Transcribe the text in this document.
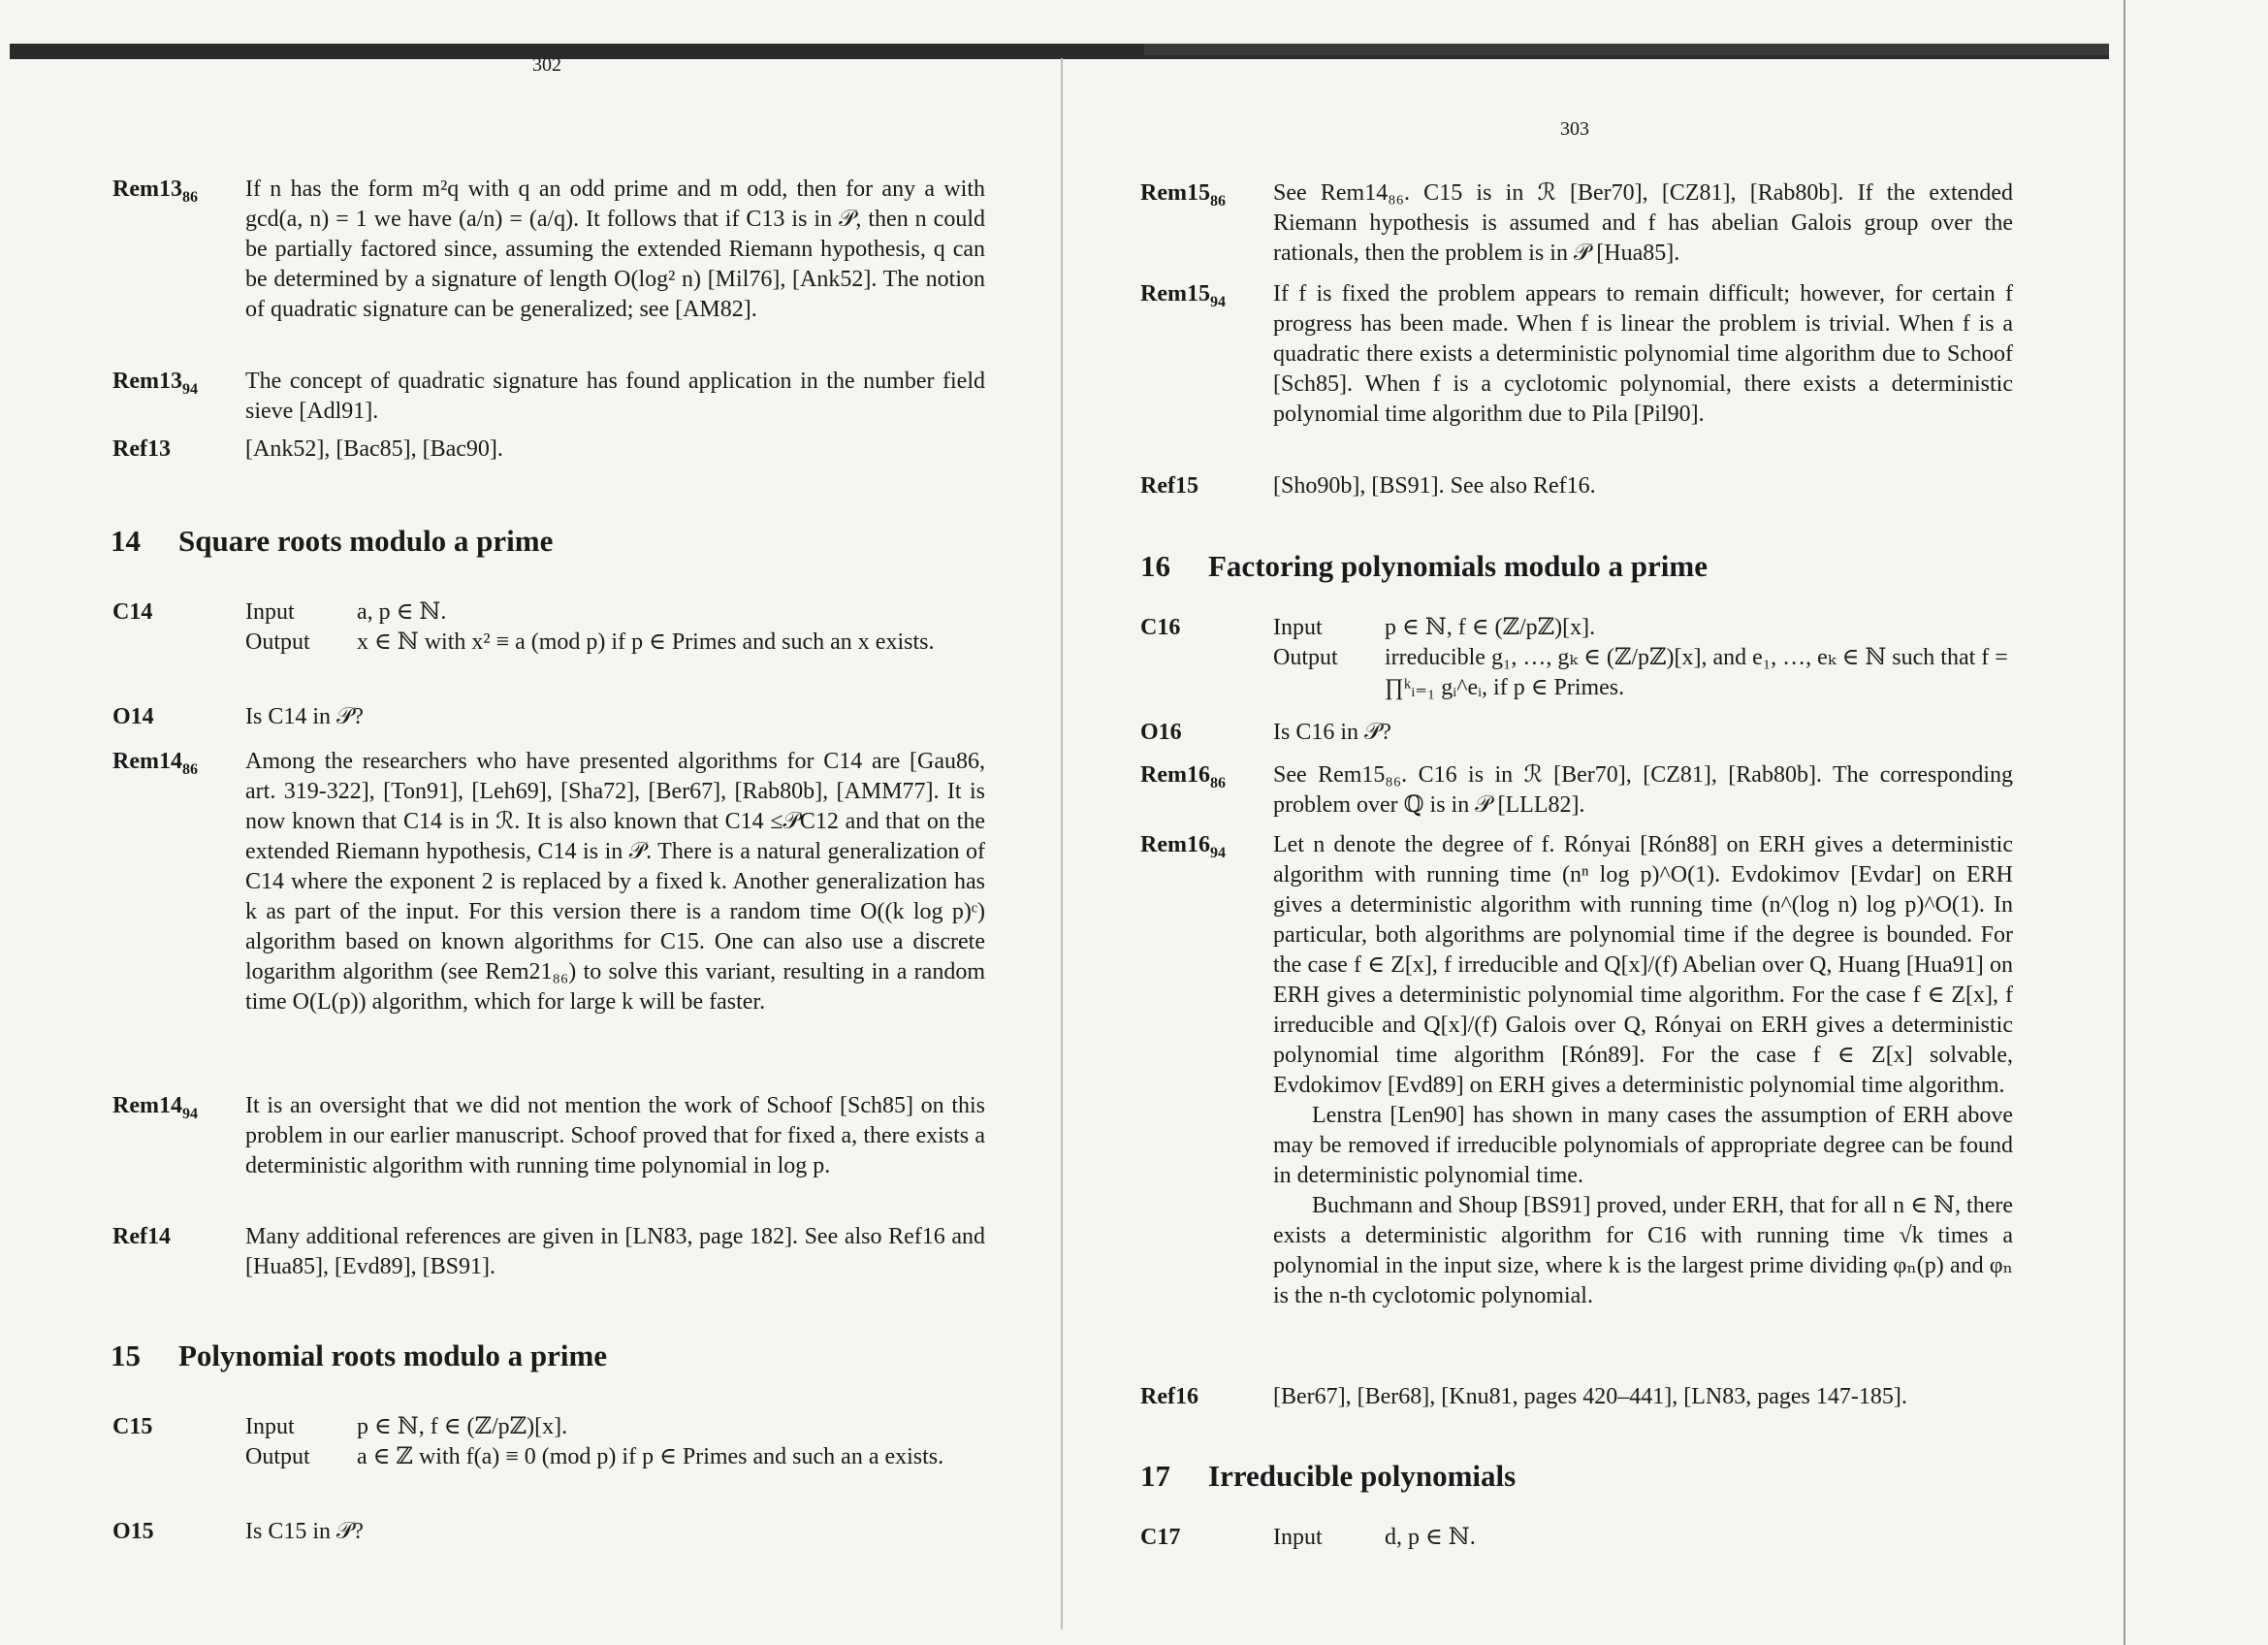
302
$Rem13_{86}$	If n has the form m²q with q an odd prime and m odd, then for any a with gcd(a, n) = 1 we have (a/n) = (a/q). It follows that if C13 is in 𝒫, then n could be partially factored since, assuming the extended Riemann hypothesis, q can be determined by a signature of length O(log² n) [Mil76], [Ank52]. The notion of quadratic signature can be generalized; see [AM82].
$Rem13_{94}$	The concept of quadratic signature has found application in the number field sieve [Adl91].
Ref13	[Ank52], [Bac85], [Bac90].
14	Square roots modulo a prime
C14	Input	a, p ∈ ℕ.
Output	x ∈ ℕ with x² ≡ a (mod p) if p ∈ Primes and such an x exists.
O14	Is C14 in 𝒫?
$Rem14_{86}$	Among the researchers who have presented algorithms for C14 are [Gau86, art. 319-322], [Ton91], [Leh69], [Sha72], [Ber67], [Rab80b], [AMM77]. It is now known that C14 is in ℛ. It is also known that C14 ≤𝒫C12 and that on the extended Riemann hypothesis, C14 is in 𝒫. There is a natural generalization of C14 where the exponent 2 is replaced by a fixed k. Another generalization has k as part of the input. For this version there is a random time O((k log p)ᶜ) algorithm based on known algorithms for C15. One can also use a discrete logarithm algorithm (see Rem21₈₆) to solve this variant, resulting in a random time O(L(p)) algorithm, which for large k will be faster.
$Rem14_{94}$	It is an oversight that we did not mention the work of Schoof [Sch85] on this problem in our earlier manuscript. Schoof proved that for fixed a, there exists a deterministic algorithm with running time polynomial in log p.
Ref14	Many additional references are given in [LN83, page 182]. See also Ref16 and [Hua85], [Evd89], [BS91].
15	Polynomial roots modulo a prime
C15	Input	p ∈ ℕ, f ∈ (ℤ/pℤ)[x].
Output	a ∈ ℤ with f(a) ≡ 0 (mod p) if p ∈ Primes and such an a exists.
O15	Is C15 in 𝒫?
303
$Rem15_{86}$	See Rem14₈₆. C15 is in ℛ [Ber70], [CZ81], [Rab80b]. If the extended Riemann hypothesis is assumed and f has abelian Galois group over the rationals, then the problem is in 𝒫 [Hua85].
$Rem15_{94}$	If f is fixed the problem appears to remain difficult; however, for certain f progress has been made. When f is linear the problem is trivial. When f is a quadratic there exists a deterministic polynomial time algorithm due to Schoof [Sch85]. When f is a cyclotomic polynomial, there exists a deterministic polynomial time algorithm due to Pila [Pil90].
Ref15	[Sho90b], [BS91]. See also Ref16.
16	Factoring polynomials modulo a prime
C16	Input	p ∈ ℕ, f ∈ (ℤ/pℤ)[x].
Output	irreducible g₁, …, gₖ ∈ (ℤ/pℤ)[x], and e₁, …, eₖ ∈ ℕ such that f = ∏ᵏᵢ₌₁ gᵢ^eᵢ, if p ∈ Primes.
O16	Is C16 in 𝒫?
$Rem16_{86}$	See Rem15₈₆. C16 is in ℛ [Ber70], [CZ81], [Rab80b]. The corresponding problem over ℚ is in 𝒫 [LLL82].
$Rem16_{94}$	Let n denote the degree of f. Rónyai [Rón88] on ERH gives a deterministic algorithm with running time (nⁿ log p)^O(1). Evdokimov [Evdar] on ERH gives a deterministic algorithm with running time (n^(log n) log p)^O(1). In particular, both algorithms are polynomial time if the degree is bounded. For the case f ∈ Z[x], f irreducible and Q[x]/(f) Abelian over Q, Huang [Hua91] on ERH gives a deterministic polynomial time algorithm. For the case f ∈ Z[x], f irreducible and Q[x]/(f) Galois over Q, Rónyai on ERH gives a deterministic polynomial time algorithm [Rón89]. For the case f ∈ Z[x] solvable, Evdokimov [Evd89] on ERH gives a deterministic polynomial time algorithm.

Lenstra [Len90] has shown in many cases the assumption of ERH above may be removed if irreducible polynomials of appropriate degree can be found in deterministic polynomial time.

Buchmann and Shoup [BS91] proved, under ERH, that for all n ∈ ℕ, there exists a deterministic algorithm for C16 with running time √k times a polynomial in the input size, where k is the largest prime dividing φₙ(p) and φₙ is the n-th cyclotomic polynomial.

Ref16	[Ber67], [Ber68], [Knu81, pages 420–441], [LN83, pages 147-185].
17	Irreducible polynomials
C17	Input	d, p ∈ ℕ.
